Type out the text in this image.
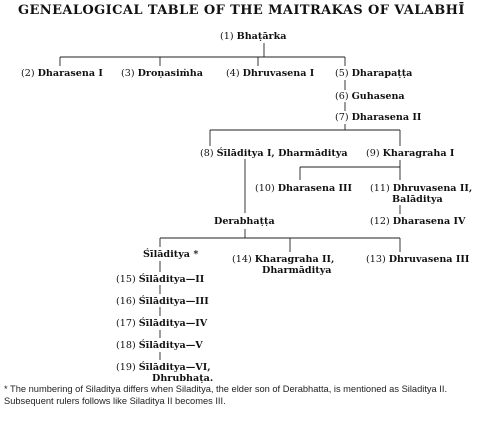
GENEALOGICAL TABLE OF THE MAITRAKAS OF VALABHĪ
(1) Bhaṭārka
(2) Dharasena I (3) Droṇasiṁha (4) Dhruvasena I (5) Dharapaṭṭa
(6) Guhasena
(7) Dharasena II
(8) Śīlāditya I, Dharmāditya (9) Kharagraha I
(10) Dharasena III (11) Dhruvasena II,
Balāditya
Derabhaṭṭa	(12) Dharasena IV
Śīlāditya *	(14) Kharagraha II,
Dharmāditya
(13) Dhruvasena III
(15) Śīlāditya—II
(16) Śīlāditya—III
(17) Śīlāditya—IV
(18) Śīlāditya—V
(19) Śīlāditya—VI,
Dhrubhaṭa.
* The numbering of Siladitya differs when Siladitya, the elder son of Derabhatta, is mentioned as Siladitya II. Subsequent rulers follows like Siladitya II becomes III.
